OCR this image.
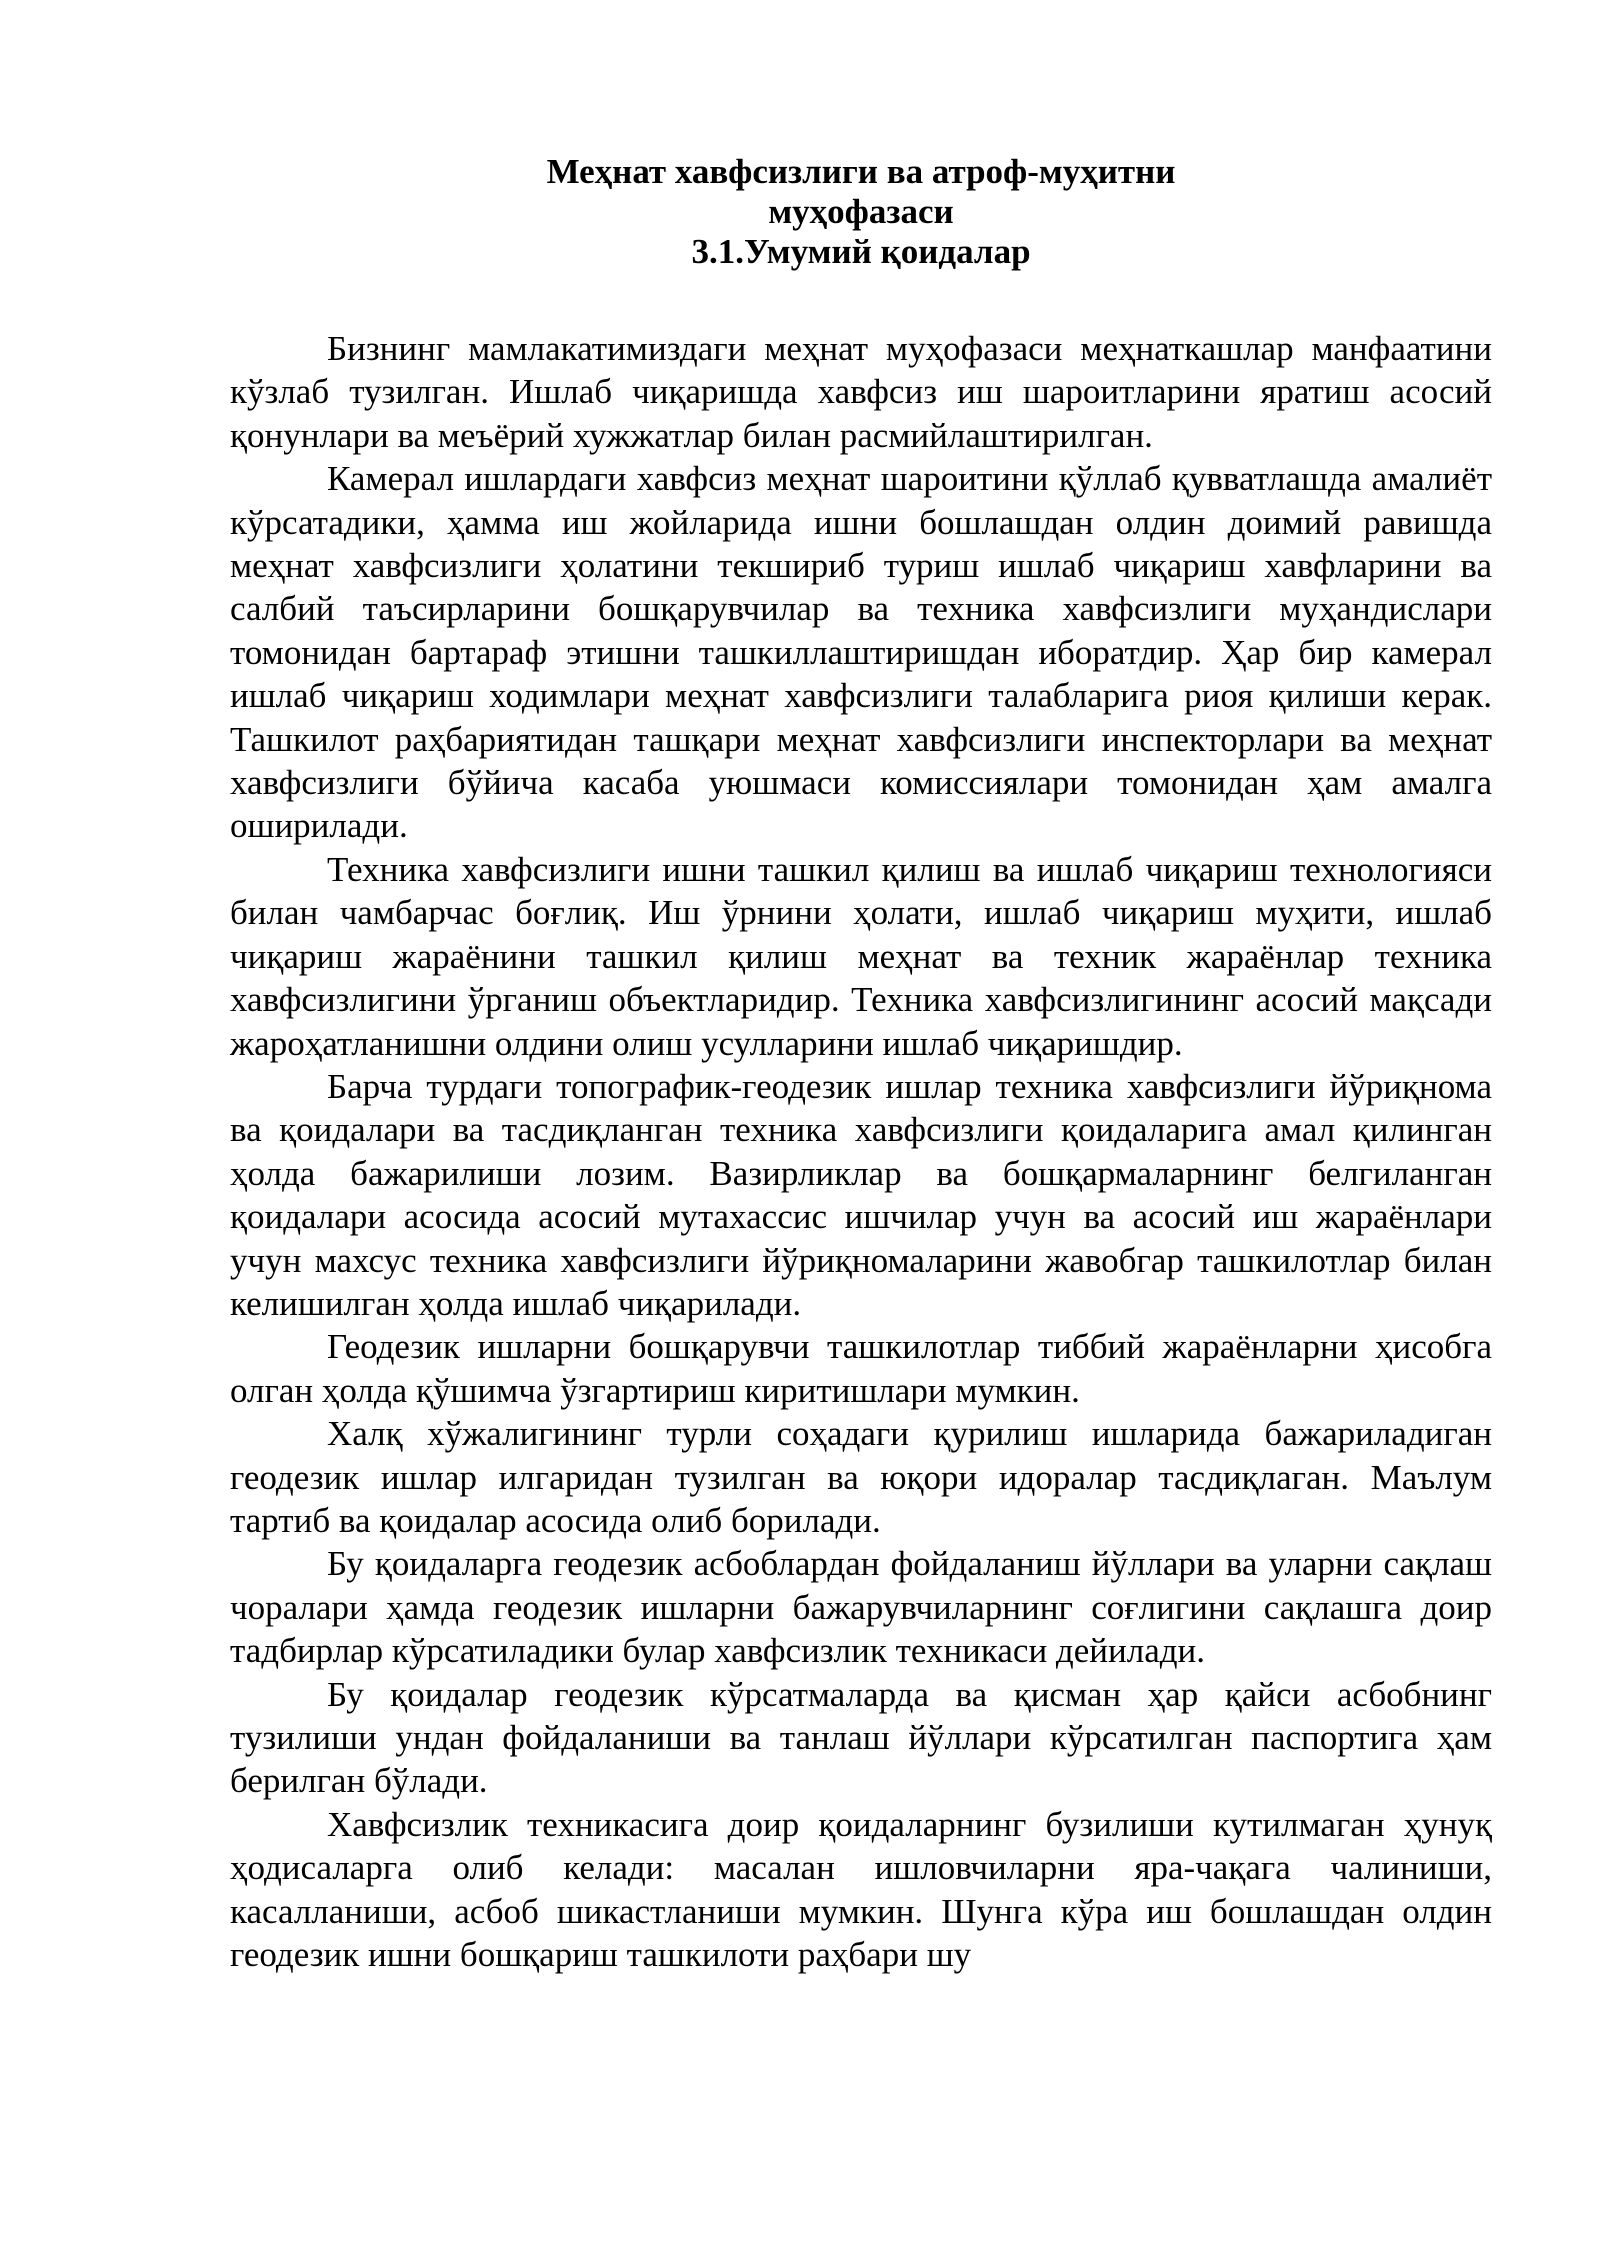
Меҳнат хавфсизлиги ва атроф-муҳитни
муҳофазаси
3.1.Умумий қоидалар

Бизнинг мамлакатимиздаги меҳнат муҳофазаси меҳнаткашлар манфаатини кўзлаб тузилган. Ишлаб чиқаришда хавфсиз иш шароитларини яратиш асосий қонунлари ва меъёрий хужжатлар билан расмийлаштирилган.

Камерал ишлардаги хавфсиз меҳнат шароитини қўллаб қувватлашда амалиёт кўрсатадики, ҳамма иш жойларида ишни бошлашдан олдин доимий равишда меҳнат хавфсизлиги ҳолатини текшириб туриш ишлаб чиқариш хавфларини ва салбий таъсирларини бошқарувчилар ва техника хавфсизлиги муҳандислари томонидан бартараф этишни ташкиллаштиришдан иборатдир. Ҳар бир камерал ишлаб чиқариш ходимлари меҳнат хавфсизлиги талабларига риоя қилиши керак. Ташкилот раҳбариятидан ташқари меҳнат хавфсизлиги инспекторлари ва меҳнат хавфсизлиги бўйича касаба уюшмаси комиссиялари томонидан ҳам амалга оширилади.

Техника хавфсизлиги ишни ташкил қилиш ва ишлаб чиқариш технологияси билан чамбарчас боғлиқ. Иш ўрнини ҳолати, ишлаб чиқариш муҳити, ишлаб чиқариш жараёнини ташкил қилиш меҳнат ва техник жараёнлар техника хавфсизлигини ўрганиш объектларидир. Техника хавфсизлигининг асосий мақсади жароҳатланишни олдини олиш усулларини ишлаб чиқаришдир.

Барча турдаги топографик-геодезик ишлар техника хавфсизлиги йўриқнома ва қоидалари ва тасдиқланган техника хавфсизлиги қоидаларига амал қилинган ҳолда бажарилиши лозим. Вазирликлар ва бошқармаларнинг белгиланган қоидалари асосида асосий мутахассис ишчилар учун ва асосий иш жараёнлари учун махсус техника хавфсизлиги йўриқномаларини жавобгар ташкилотлар билан келишилган ҳолда ишлаб чиқарилади.

Геодезик ишларни бошқарувчи ташкилотлар тиббий жараёнларни ҳисобга олган ҳолда қўшимча ўзгартириш киритишлари мумкин.

Халқ хўжалигининг турли соҳадаги қурилиш ишларида бажариладиган геодезик ишлар илгаридан тузилган ва юқори идоралар тасдиқлаган. Маълум тартиб ва қоидалар асосида олиб борилади.

Бу қоидаларга геодезик асбоблардан фойдаланиш йўллари ва уларни сақлаш чоралари ҳамда геодезик ишларни бажарувчиларнинг соғлигини сақлашга доир тадбирлар кўрсатиладики булар хавфсизлик техникаси дейилади.

Бу қоидалар геодезик кўрсатмаларда ва қисман ҳар қайси асбобнинг тузилиши ундан фойдаланиши ва танлаш йўллари кўрсатилган паспортига ҳам берилган бўлади.

Хавфсизлик техникасига доир қоидаларнинг бузилиши кутилмаган ҳунуқ ҳодисаларга олиб келади: масалан ишловчиларни яра-чақага чалиниши, касалланиши, асбоб шикастланиши мумкин. Шунга кўра иш бошлашдан олдин геодезик ишни бошқариш ташкилоти раҳбари шу
